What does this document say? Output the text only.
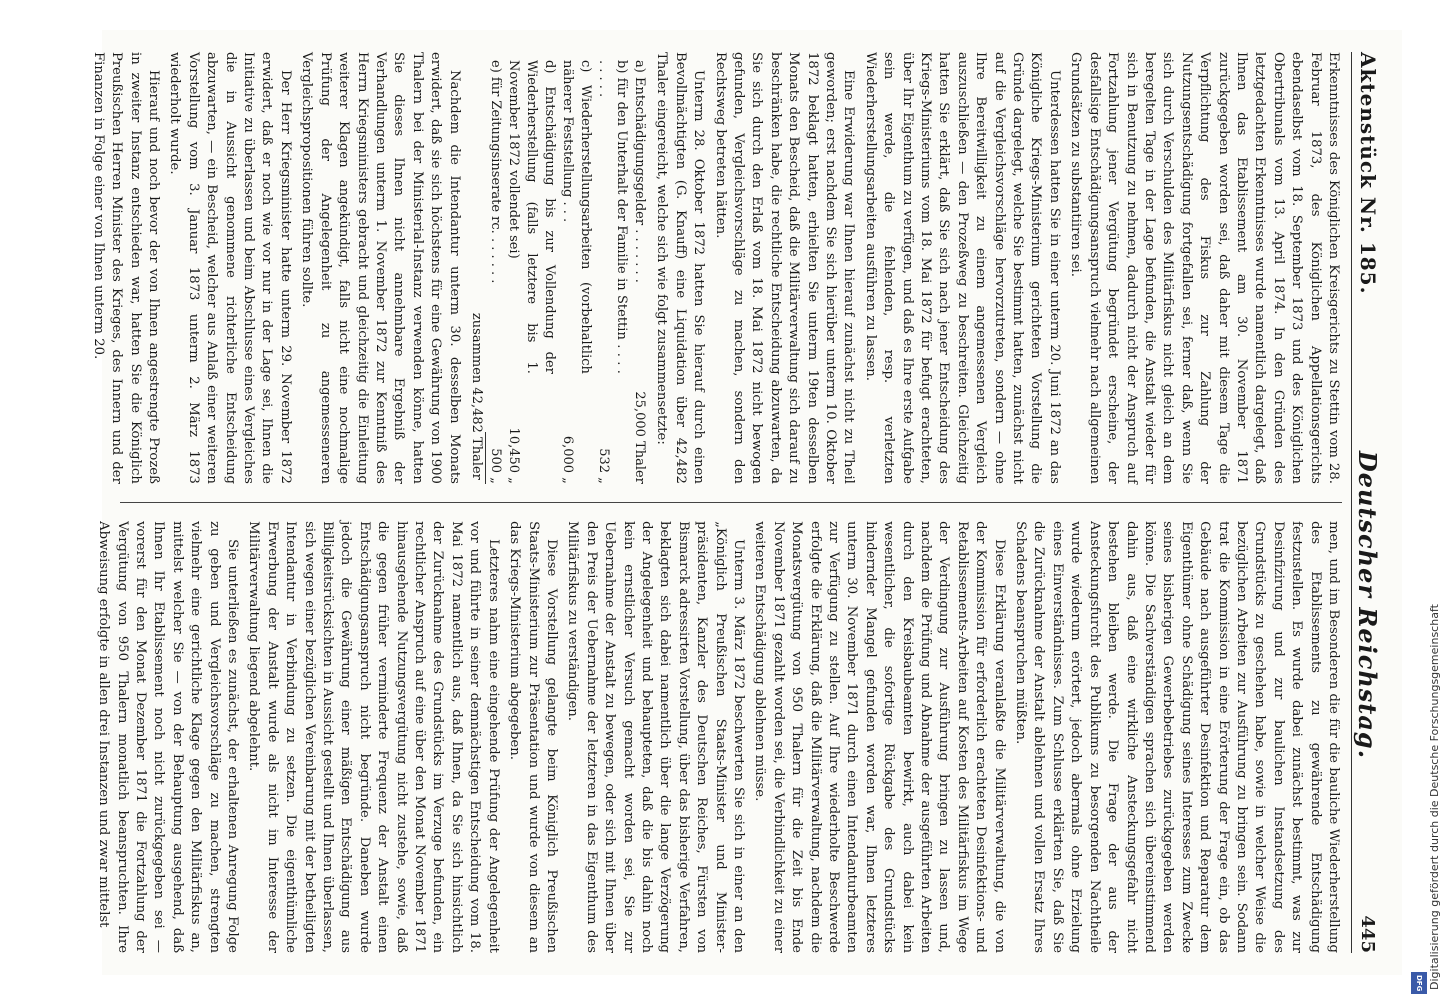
Aktenstück Nr. 185.
Deutscher Reichstag.
445

Erkenntnisses des Königlichen Kreisgerichts zu Stettin vom 28. Februar 1873, des Königlichen Appellationsgerichts ebendaselbst vom 18. September 1873 und des Königlichen Obertribunals vom 13. April 1874. In den Gründen des letztgedachten Erkenntnisses wurde namentlich dargelegt, daß Ihnen das Etablissement am 30. November 1871 zurückgegeben worden sei, daß daher mit diesem Tage die Verpflichtung des Fiskus zur Zahlung der Nutzungsentschädigung fortgefallen sei, ferner daß, wenn Sie sich durch Verschulden des Militärfiskus nicht gleich an dem beregelten Tage in der Lage befunden, die Anstalt wieder für sich in Benutzung zu nehmen, dadurch nicht der Anspruch auf Fortzahlung jener Vergütung begründet erscheine, der desfallsige Entschädigungsanspruch vielmehr nach allgemeinen Grundsätzen zu substantiiren sei.

Unterdessen hatten Sie in einer unterm 20. Juni 1872 an das Königliche Kriegs-Ministerium gerichteten Vorstellung die Gründe dargelegt, welche Sie bestimmt hatten, zunächst nicht auf die Vergleichsvorschläge hervorzutreten, sondern — ohne Ihre Bereitwilligkeit zu einem angemessenen Vergleich auszuschließen — den Prozeßweg zu beschreiten. Gleichzeitig hatten Sie erklärt, daß Sie sich nach jener Entscheidung des Kriegs-Ministeriums vom 18. Mai 1872 für befugt erachteten, über Ihr Eigenthum zu verfügen, und daß es Ihre erste Aufgabe sein werde, die fehlenden, resp. verletzten Wiederherstellungsarbeiten ausführen zu lassen.

Eine Erwiderung war Ihnen hierauf zunächst nicht zu Theil geworden; erst nachdem Sie sich hierüber unterm 10. Oktober 1872 beklagt hatten, erhielten Sie unterm 19ten desselben Monats den Bescheid, daß die Militärverwaltung sich darauf zu beschränken habe, die rechtliche Entscheidung abzuwarten, da Sie sich durch den Erlaß vom 18. Mai 1872 nicht bewogen gefunden, Vergleichsvorschläge zu machen, sondern den Rechtsweg betreten hätten.

Unterm 28. Oktober 1872 hatten Sie hierauf durch einen Bevollmächtigten (G. Knauff) eine Liquidation über 42,482 Thaler eingereicht, welche sich wie folgt zusammensetzte:

a) Entschädigungsgelder . . . . . . .
25,000 Thaler
b) für den Unterhalt der Familie in Stettin . . . . . . . . .
532 „
c) Wiederherstellungsarbeiten (vorbehaltlich näherer Feststellung . . .
6,000 „
d) Entschädigung bis zur Vollendung der Wiederherstellung (falls letztere bis 1. November 1872 vollendet sei)
10,450 „
e) für Zeitungsinserate rc. . . . . . .
500 „
zusammen 42,482 Thaler

Nachdem die Intendantur unterm 30. desselben Monats erwidert, daß sie sich höchstens für eine Gewährung von 1900 Thalern bei der Ministerial-Instanz verwenden könne, hatten Sie dieses Ihnen nicht annehmbare Ergebniß der Verhandlungen unterm 1. November 1872 zur Kenntniß des Herrn Kriegsministers gebracht und gleichzeitig die Einleitung weiterer Klagen angekündigt, falls nicht eine nochmalige Prüfung der Angelegenheit zu angemesseneren Vergleichspropositionen führen sollte.

Der Herr Kriegsminister hatte unterm 29. November 1872 erwidert, daß er noch wie vor nur in der Lage sei, Ihnen die Initiative zu überlassen und beim Abschlusse eines Vergleiches die in Aussicht genommene richterliche Entscheidung abzuwarten, — ein Bescheid, welcher aus Anlaß einer weiteren Vorstellung vom 3. Januar 1873 unterm 2. März 1873 wiederholt wurde.

Hierauf und noch bevor der von Ihnen angestrengte Prozeß in zweiter Instanz entschieden war, hatten Sie die Königlich Preußischen Herren Minister des Krieges, des Innern und der Finanzen in Folge einer von Ihnen unterm 20.

men, und im Besonderen die für die bauliche Wiederherstellung des Etablissements zu gewährende Entschädigung festzustellen. Es wurde dabei zunächst bestimmt, was zur Desinfizirung und zur baulichen Instandsetzung des Grundstücks zu geschehen habe, sowie in welcher Weise die bezüglichen Arbeiten zur Ausführung zu bringen sein. Sodann trat die Kommission in eine Erörterung der Frage ein, ob das Gebäude nach ausgeführter Desinfektion und Reparatur dem Eigenthümer ohne Schädigung seines Interesses zum Zwecke seines bisherigen Gewerbebetriebes zurückgegeben werden könne. Die Sachverständigen sprachen sich übereinstimmend dahin aus, daß eine wirkliche Ansteckungsgefahr nicht bestehen bleiben werde. Die Frage der aus der Ansteckungsfurcht des Publikums zu besorgenden Nachtheile wurde wiederum erörtert, jedoch abermals ohne Erzielung eines Einverständnisses. Zum Schlusse erklärten Sie, daß Sie die Zurücknahme der Anstalt ablehnen und vollen Ersatz Ihres Schadens beanspruchen müßten.

Diese Erklärung veranlaßte die Militärverwaltung, die von der Kommission für erforderlich erachteten Desinfektions- und Retablissements-Arbeiten auf Kosten des Militärfiskus im Wege der Verdingung zur Ausführung bringen zu lassen und, nachdem die Prüfung und Abnahme der ausgeführten Arbeiten durch den Kreisbaubeamten bewirkt, auch dabei kein wesentlicher, die sofortige Rückgabe des Grundstücks hindernder Mangel gefunden worden war, Ihnen letzteres unterm 30. November 1871 durch einen Intendanturbeamten zur Verfügung zu stellen. Auf Ihre wiederholte Beschwerde erfolgte die Erklärung, daß die Militärverwaltung, nachdem die Monatsvergütung von 950 Thalern für die Zeit bis Ende November 1871 gezahlt worden sei, die Verbindlichkeit zu einer weiteren Entschädigung ablehnen müsse.

Unterm 3. März 1872 beschwerten Sie sich in einer an den „Königlich Preußischen Staats-Minister und Minister-präsidenten, Kanzler des Deutschen Reiches, Fürsten von Bismarck adressirten Vorstellung, über das bisherige Verfahren, beklagten sich dabei namentlich über die lange Verzögerung der Angelegenheit und behaupteten, daß die bis dahin noch kein ernstlicher Versuch gemacht worden sei, Sie zur Uebernahme der Anstalt zu bewegen, oder sich mit Ihnen über den Preis der Uebernahme der letzteren in das Eigenthum des Militärfiskus zu verständigen.

Diese Vorstellung gelangte beim Königlich Preußischen Staats-Ministerium zur Präsentation und wurde von diesem an das Kriegs-Ministerium abgegeben.

Letzteres nahm eine eingehende Prüfung der Angelegenheit vor und führte in seiner demnächstigen Entscheidung vom 18. Mai 1872 namentlich aus, daß Ihnen, da Sie sich hinsichtlich der Zurücknahme des Grundstücks im Verzuge befunden, ein rechtlicher Anspruch auf eine über den Monat November 1871 hinausgehende Nutzungsvergütung nicht zustehe, sowie, daß die gegen früher verminderte Frequenz der Anstalt einen Entschädigungsanspruch nicht begründe. Daneben wurde jedoch die Gewährung einer mäßigen Entschädigung aus Billigkeitsrücksichten in Aussicht gestellt und Ihnen überlassen, sich wegen einer bezüglichen Vereinbarung mit der betheiligten Intendantur in Verbindung zu setzen. Die eigenthümliche Erwerbung der Anstalt wurde als nicht im Interesse der Militärverwaltung liegend abgelehnt.

Sie unterließen es zunächst, der erhaltenen Anregung Folge zu geben und Vergleichsvorschläge zu machen, strengten vielmehr eine gerichtliche Klage gegen den Militärfiskus an, mittelst welcher Sie — von der Behauptung ausgehend, daß Ihnen Ihr Etablissement noch nicht zurückgegeben sei — vorerst für den Monat Dezember 1871 die Fortzahlung der Vergütung von 950 Thalern monatlich beanspruchten. Ihre Abweisung erfolgte in allen drei Instanzen und zwar mittelst	Digitalisierung gefördert durch die Deutsche Forschungsgemeinschaft
DFG
